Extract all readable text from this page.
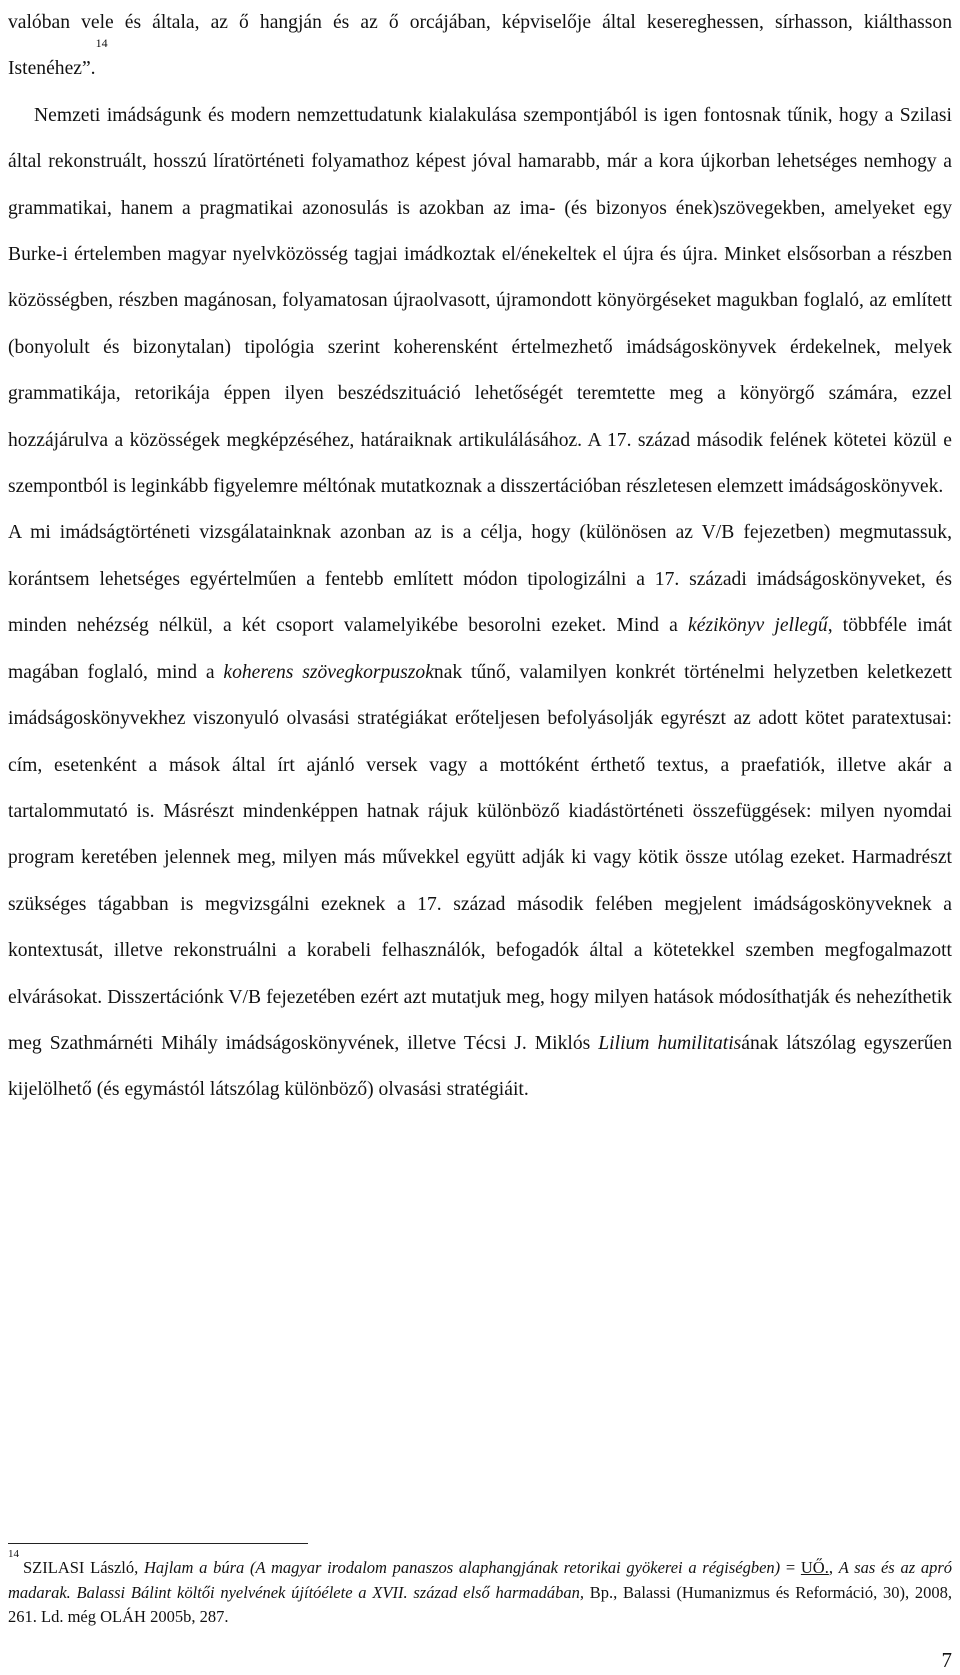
valóban vele és általa, az ő hangján és az ő orcájában, képviselője által kesereghessen, sírhasson, kiálthasson Istenéhez”.$^{14}$

Nemzeti imádságunk és modern nemzettudatunk kialakulása szempontjából is igen fontosnak tűnik, hogy a Szilasi által rekonstruált, hosszú líratörténeti folyamathoz képest jóval hamarabb, már a kora újkorban lehetséges nemhogy a grammatikai, hanem a pragmatikai azonosulás is azokban az ima- (és bizonyos ének)szövegekben, amelyeket egy Burke-i értelemben magyar nyelvközösség tagjai imádkoztak el/énekeltek el újra és újra. Minket elsősorban a részben közösségben, részben magánosan, folyamatosan újraolvasott, újramondott könyörgéseket magukban foglaló, az említett (bonyolult és bizonytalan) tipológia szerint koherensként értelmezhető imádságoskönyvek érdekelnek, melyek grammatikája, retorikája éppen ilyen beszédszituáció lehetőségét teremtette meg a könyörgő számára, ezzel hozzájárulva a közösségek megképzéséhez, határaiknak artikulálásához. A 17. század második felének kötetei közül e szempontból is leginkább figyelemre méltónak mutatkoznak a disszertációban részletesen elemzett imádságoskönyvek.

A mi imádságtörténeti vizsgálatainknak azonban az is a célja, hogy (különösen az V/B fejezetben) megmutassuk, korántsem lehetséges egyértelműen a fentebb említett módon tipologizálni a 17. századi imádságoskönyveket, és minden nehézség nélkül, a két csoport valamelyikébe besorolni ezeket. Mind a kézikönyv jellegű, többféle imát magában foglaló, mind a koherens szövegkorpuszoknak tűnő, valamilyen konkrét történelmi helyzetben keletkezett imádságoskönyvekhez viszonyuló olvasási stratégiákat erőteljesen befolyásolják egyrészt az adott kötet paratextusai: cím, esetenként a mások által írt ajánló versek vagy a mottóként érthető textus, a praefatiók, illetve akár a tartalommutató is. Másrészt mindenképpen hatnak rájuk különböző kiadástörténeti összefüggések: milyen nyomdai program keretében jelennek meg, milyen más művekkel együtt adják ki vagy kötik össze utólag ezeket. Harmadrészt szükséges tágabban is megvizsgálni ezeknek a 17. század második felében megjelent imádságoskönyveknek a kontextusát, illetve rekonstruálni a korabeli felhasználók, befogadók által a kötetekkel szemben megfogalmazott elvárásokat. Disszertációnk V/B fejezetében ezért azt mutatjuk meg, hogy milyen hatások módosíthatják és nehezíthetik meg Szathmárnéti Mihály imádságoskönyvének, illetve Técsi J. Miklós Lilium humilitatisának látszólag egyszerűen kijelölhető (és egymástól látszólag különböző) olvasási stratégiáit.

$^{14}$SZILASI László, Hajlam a búra (A magyar irodalom panaszos alaphangjának retorikai gyökerei a régiségben) = UŐ., A sas és az apró madarak. Balassi Bálint költői nyelvének újítóélete a XVII. század első harmadában, Bp., Balassi (Humanizmus és Reformáció, 30), 2008, 261. Ld. még OLÁH 2005b, 287.
7
